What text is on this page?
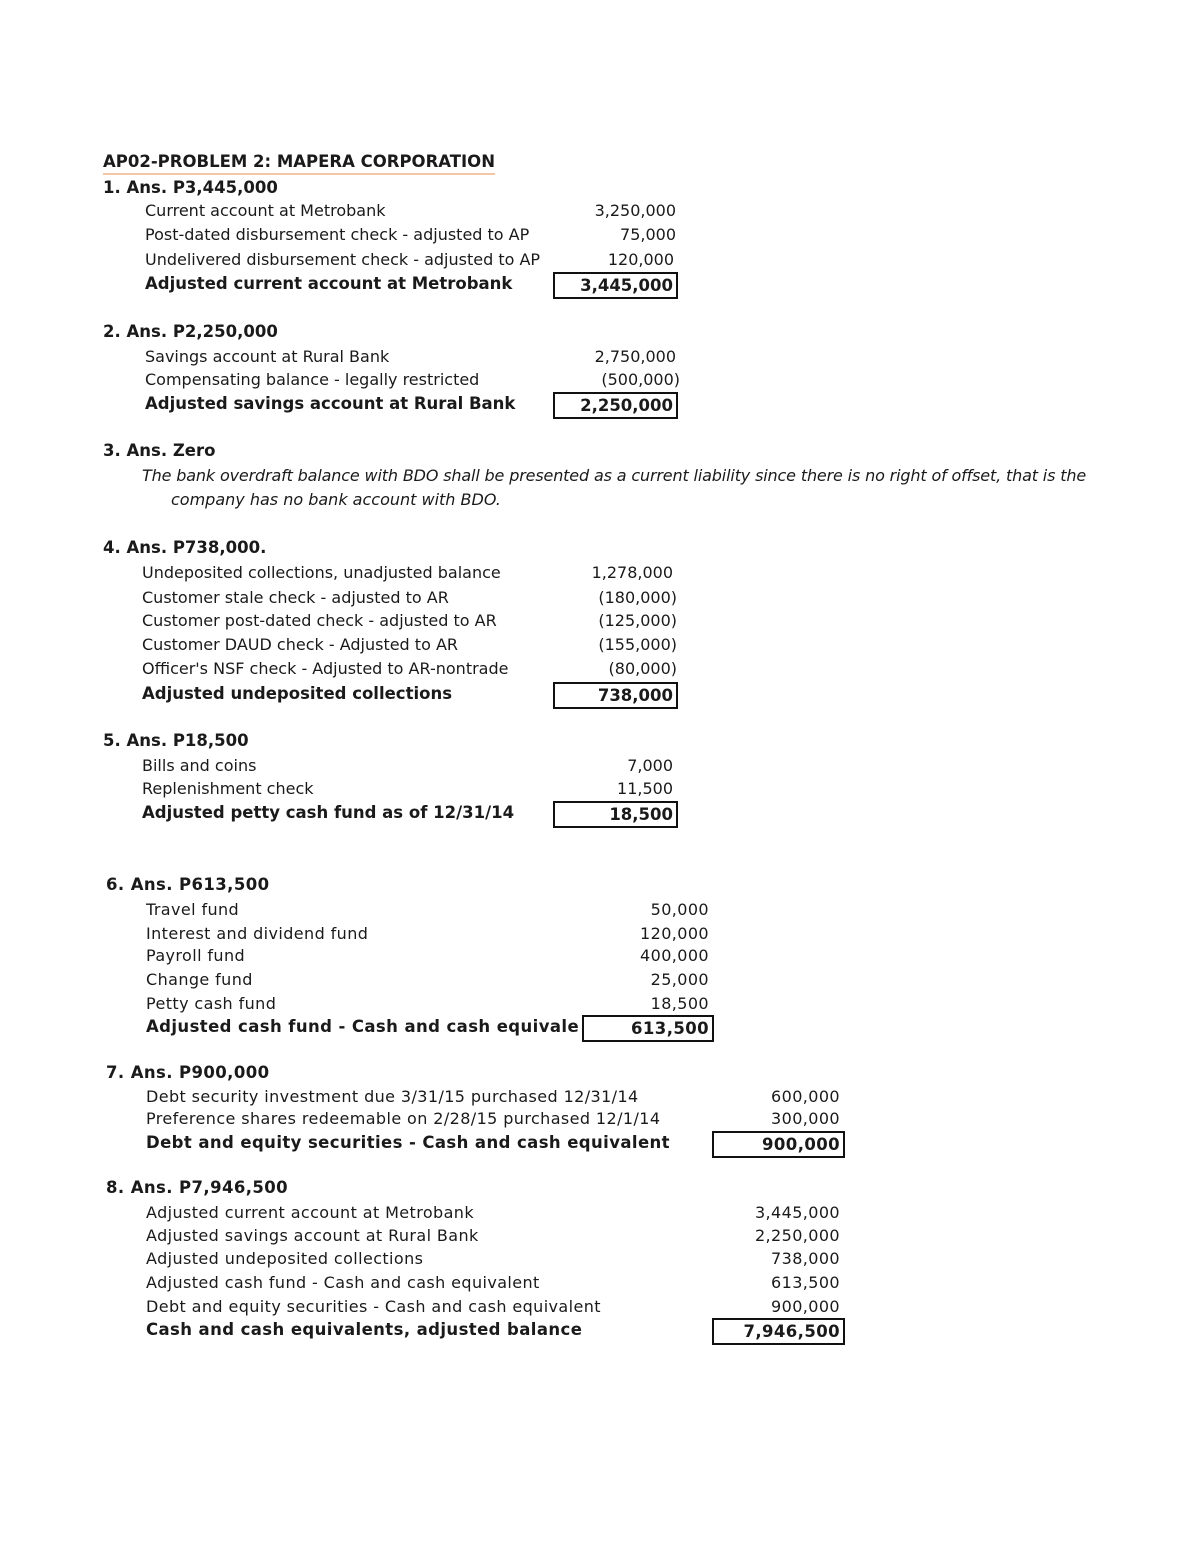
AP02-PROBLEM 2: MAPERA CORPORATION
1. Ans. P3,445,000
Current account at Metrobank	3,250,000
Post-dated disbursement check - adjusted to AP	75,000
Undelivered disbursement check - adjusted to AP	120,000
Adjusted current account at Metrobank	3,445,000
2. Ans. P2,250,000
Savings account at Rural Bank	2,750,000
Compensating balance - legally restricted	(500,000)
Adjusted savings account at Rural Bank	2,250,000
3. Ans. Zero
The bank overdraft balance with BDO shall be presented as a current liability since there is no right of offset, that is the
company has no bank account with BDO.
4. Ans. P738,000.
Undeposited collections, unadjusted balance	1,278,000
Customer stale check - adjusted to AR	(180,000)
Customer post-dated check - adjusted to AR	(125,000)
Customer DAUD check - Adjusted to AR	(155,000)
Officer's NSF check - Adjusted to AR-nontrade	(80,000)
Adjusted undeposited collections	738,000
5. Ans. P18,500
Bills and coins	7,000
Replenishment check	11,500
Adjusted petty cash fund as of 12/31/14	18,500
6. Ans. P613,500
Travel fund	50,000
Interest and dividend fund	120,000
Payroll fund	400,000
Change fund	25,000
Petty cash fund	18,500
Adjusted cash fund - Cash and cash equivale	613,500
7. Ans. P900,000
Debt security investment due 3/31/15 purchased 12/31/14	600,000
Preference shares redeemable on 2/28/15 purchased 12/1/14	300,000
Debt and equity securities - Cash and cash equivalent	900,000
8. Ans. P7,946,500
Adjusted current account at Metrobank	3,445,000
Adjusted savings account at Rural Bank	2,250,000
Adjusted undeposited collections	738,000
Adjusted cash fund - Cash and cash equivalent	613,500
Debt and equity securities - Cash and cash equivalent	900,000
Cash and cash equivalents, adjusted balance	7,946,500
